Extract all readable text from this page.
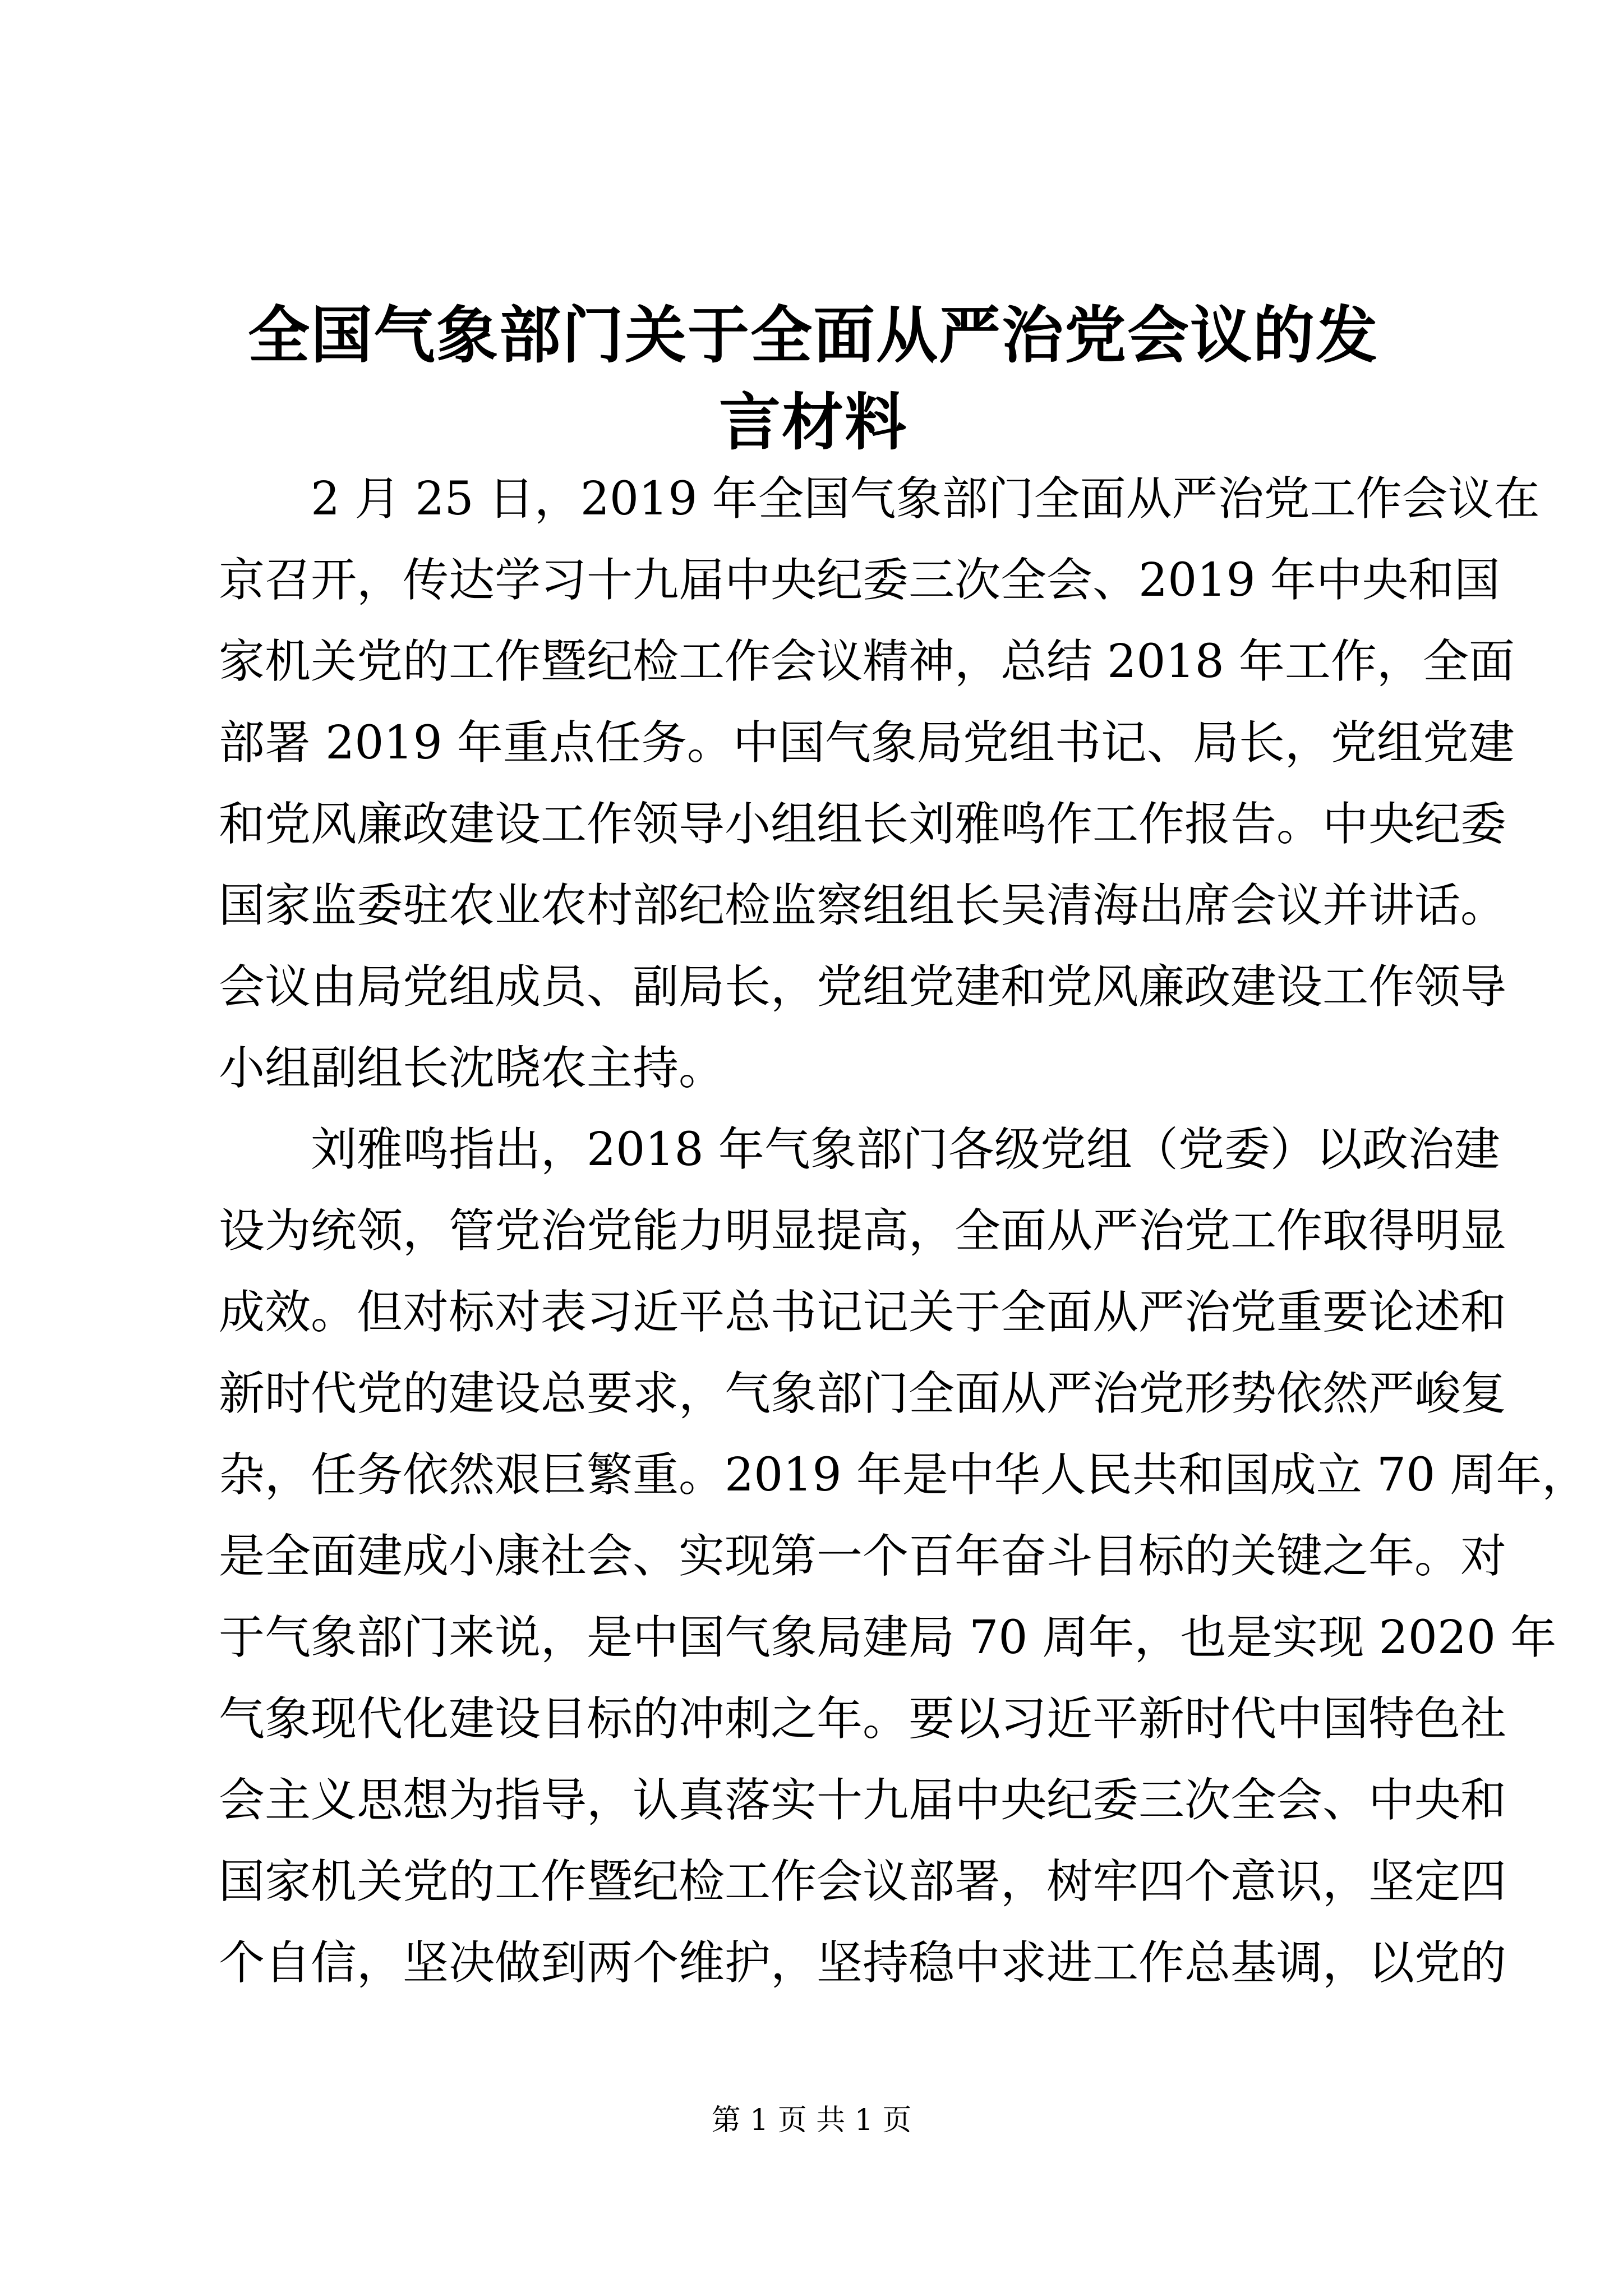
全国气象部门关于全面从严治党会议的发言材料
2 月 25 日，2019 年全国气象部门全面从严治党工作会议在
京召开，传达学习十九届中央纪委三次全会、2019 年中央和国
家机关党的工作暨纪检工作会议精神，总结 2018 年工作，全面
部署 2019 年重点任务。中国气象局党组书记、局长，党组党建
和党风廉政建设工作领导小组组长刘雅鸣作工作报告。中央纪委
国家监委驻农业农村部纪检监察组组长吴清海出席会议并讲话。
会议由局党组成员、副局长，党组党建和党风廉政建设工作领导
小组副组长沈晓农主持。
刘雅鸣指出，2018 年气象部门各级党组（党委）以政治建
设为统领，管党治党能力明显提高，全面从严治党工作取得明显
成效。但对标对表习近平总书记记关于全面从严治党重要论述和
新时代党的建设总要求，气象部门全面从严治党形势依然严峻复
杂，任务依然艰巨繁重。2019 年是中华人民共和国成立 70 周年，
是全面建成小康社会、实现第一个百年奋斗目标的关键之年。对
于气象部门来说，是中国气象局建局 70 周年，也是实现 2020 年
气象现代化建设目标的冲刺之年。要以习近平新时代中国特色社
会主义思想为指导，认真落实十九届中央纪委三次全会、中央和
国家机关党的工作暨纪检工作会议部署，树牢四个意识，坚定四
个自信，坚决做到两个维护，坚持稳中求进工作总基调，以党的
第 1 页 共 1 页
